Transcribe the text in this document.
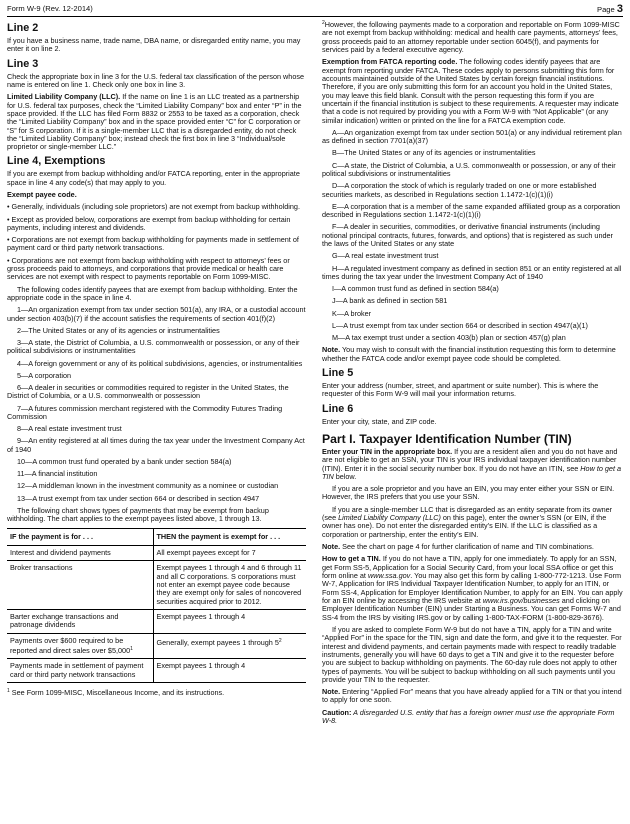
Form W-9 (Rev. 12-2014)	Page 3
Line 2

If you have a business name, trade name, DBA name, or disregarded entity name, you may enter it on line 2.

Line 3

Check the appropriate box in line 3 for the U.S. federal tax classification of the person whose name is entered on line 1. Check only one box in line 3.

Limited Liability Company (LLC). If the name on line 1 is an LLC treated as a partnership for U.S. federal tax purposes, check the “Limited Liability Company” box and enter “P” in the space provided. If the LLC has filed Form 8832 or 2553 to be taxed as a corporation, check the “Limited Liability Company” box and in the space provided enter “C” for C corporation or “S” for S corporation. If it is a single-member LLC that is a disregarded entity, do not check the “Limited Liability Company” box; instead check the first box in line 3 “Individual/sole proprietor or single-member LLC.”

Line 4, Exemptions

If you are exempt from backup withholding and/or FATCA reporting, enter in the appropriate space in line 4 any code(s) that may apply to you.

Exempt payee code.

• Generally, individuals (including sole proprietors) are not exempt from backup withholding.

• Except as provided below, corporations are exempt from backup withholding for certain payments, including interest and dividends.

• Corporations are not exempt from backup withholding for payments made in settlement of payment card or third party network transactions.

• Corporations are not exempt from backup withholding with respect to attorneys’ fees or gross proceeds paid to attorneys, and corporations that provide medical or health care services are not exempt with respect to payments reportable on Form 1099-MISC.

The following codes identify payees that are exempt from backup withholding. Enter the appropriate code in the space in line 4.

1—An organization exempt from tax under section 501(a), any IRA, or a custodial account under section 403(b)(7) if the account satisfies the requirements of section 401(f)(2)

2—The United States or any of its agencies or instrumentalities

3—A state, the District of Columbia, a U.S. commonwealth or possession, or any of their political subdivisions or instrumentalities

4—A foreign government or any of its political subdivisions, agencies, or instrumentalities

5—A corporation

6—A dealer in securities or commodities required to register in the United States, the District of Columbia, or a U.S. commonwealth or possession

7—A futures commission merchant registered with the Commodity Futures Trading Commission

8—A real estate investment trust

9—An entity registered at all times during the tax year under the Investment Company Act of 1940

10—A common trust fund operated by a bank under section 584(a)

11—A financial institution

12—A middleman known in the investment community as a nominee or custodian

13—A trust exempt from tax under section 664 or described in section 4947

The following chart shows types of payments that may be exempt from backup withholding. The chart applies to the exempt payees listed above, 1 through 13.

IF the payment is for . . .	THEN the payment is exempt for . . .
Interest and dividend payments	All exempt payees except for 7
Broker transactions	Exempt payees 1 through 4 and 6 through 11 and all C corporations. S corporations must not enter an exempt payee code because they are exempt only for sales of noncovered securities acquired prior to 2012.
Barter exchange transactions and patronage dividends	Exempt payees 1 through 4
Payments over $600 required to be reported and direct sales over $5,000$^1$	Generally, exempt payees 1 through $5^2$
Payments made in settlement of payment card or third party network transactions	Exempt payees 1 through 4

$^1$ See Form 1099-MISC, Miscellaneous Income, and its instructions.

$^2$However, the following payments made to a corporation and reportable on Form 1099-MISC are not exempt from backup withholding: medical and health care payments, attorneys’ fees, gross proceeds paid to an attorney reportable under section 6045(f), and payments for services paid by a federal executive agency.

Exemption from FATCA reporting code. The following codes identify payees that are exempt from reporting under FATCA. These codes apply to persons submitting this form for accounts maintained outside of the United States by certain foreign financial institutions. Therefore, if you are only submitting this form for an account you hold in the United States, you may leave this field blank. Consult with the person requesting this form if you are uncertain if the financial institution is subject to these requirements. A requester may indicate that a code is not required by providing you with a Form W-9 with “Not Applicable” (or any similar indication) written or printed on the line for a FATCA exemption code.

A—An organization exempt from tax under section 501(a) or any individual retirement plan as defined in section 7701(a)(37)

B—The United States or any of its agencies or instrumentalities

C—A state, the District of Columbia, a U.S. commonwealth or possession, or any of their political subdivisions or instrumentalities

D—A corporation the stock of which is regularly traded on one or more established securities markets, as described in Regulations section 1.1472-1(c)(1)(i)

E—A corporation that is a member of the same expanded affiliated group as a corporation described in Regulations section 1.1472-1(c)(1)(i)

F—A dealer in securities, commodities, or derivative financial instruments (including notional principal contracts, futures, forwards, and options) that is registered as such under the laws of the United States or any state

G—A real estate investment trust

H—A regulated investment company as defined in section 851 or an entity registered at all times during the tax year under the Investment Company Act of 1940

I—A common trust fund as defined in section 584(a)

J—A bank as defined in section 581

K—A broker

L—A trust exempt from tax under section 664 or described in section 4947(a)(1)

M—A tax exempt trust under a section 403(b) plan or section 457(g) plan

Note. You may wish to consult with the financial institution requesting this form to determine whether the FATCA code and/or exempt payee code should be completed.

Line 5

Enter your address (number, street, and apartment or suite number). This is where the requester of this Form W-9 will mail your information returns.

Line 6

Enter your city, state, and ZIP code.

Part I. Taxpayer Identification Number (TIN)

Enter your TIN in the appropriate box. If you are a resident alien and you do not have and are not eligible to get an SSN, your TIN is your IRS individual taxpayer identification number (ITIN). Enter it in the social security number box. If you do not have an ITIN, see How to get a TIN below.

If you are a sole proprietor and you have an EIN, you may enter either your SSN or EIN. However, the IRS prefers that you use your SSN.

If you are a single-member LLC that is disregarded as an entity separate from its owner (see Limited Liability Company (LLC) on this page), enter the owner’s SSN (or EIN, if the owner has one). Do not enter the disregarded entity’s EIN. If the LLC is classified as a corporation or partnership, enter the entity’s EIN.

Note. See the chart on page 4 for further clarification of name and TIN combinations.

How to get a TIN. If you do not have a TIN, apply for one immediately. To apply for an SSN, get Form SS-5, Application for a Social Security Card, from your local SSA office or get this form online at www.ssa.gov. You may also get this form by calling 1-800-772-1213. Use Form W-7, Application for IRS Individual Taxpayer Identification Number, to apply for an ITIN, or Form SS-4, Application for Employer Identification Number, to apply for an EIN. You can apply for an EIN online by accessing the IRS website at www.irs.gov/businesses and clicking on Employer Identification Number (EIN) under Starting a Business. You can get Forms W-7 and SS-4 from the IRS by visiting IRS.gov or by calling 1-800-TAX-FORM (1-800-829-3676).

If you are asked to complete Form W-9 but do not have a TIN, apply for a TIN and write “Applied For” in the space for the TIN, sign and date the form, and give it to the requester. For interest and dividend payments, and certain payments made with respect to readily tradable instruments, generally you will have 60 days to get a TIN and give it to the requester before you are subject to backup withholding on payments. The 60-day rule does not apply to other types of payments. You will be subject to backup withholding on all such payments until you provide your TIN to the requester.

Note. Entering “Applied For” means that you have already applied for a TIN or that you intend to apply for one soon.

Caution: A disregarded U.S. entity that has a foreign owner must use the appropriate Form W-8.
